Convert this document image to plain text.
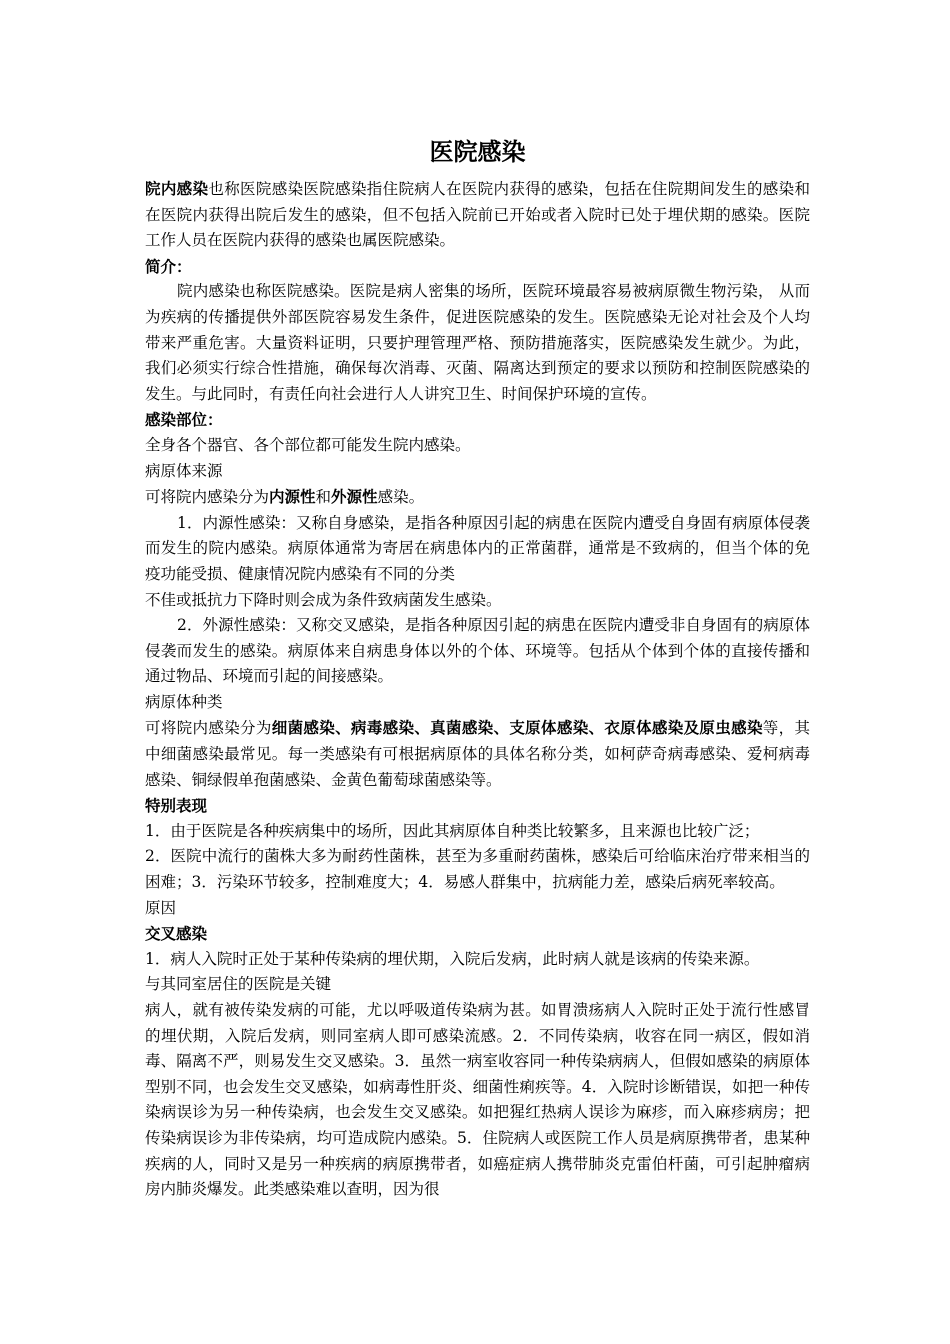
医院感染

院内感染也称医院感染医院感染指住院病人在医院内获得的感染，包括在住院期间发生的感染和在医院内获得出院后发生的感染，但不包括入院前已开始或者入院时已处于埋伏期的感染。医院工作人员在医院内获得的感染也属医院感染。

简介：

院内感染也称医院感染。医院是病人密集的场所，医院环境最容易被病原微生物污染， 从而为疾病的传播提供外部医院容易发生条件，促进医院感染的发生。医院感染无论对社会及个人均带来严重危害。大量资料证明，只要护理管理严格、预防措施落实，医院感染发生就少。为此，我们必须实行综合性措施，确保每次消毒、灭菌、隔离达到预定的要求以预防和控制医院感染的发生。与此同时，有责任向社会进行人人讲究卫生、时间保护环境的宣传。

感染部位：

全身各个器官、各个部位都可能发生院内感染。

病原体来源

可将院内感染分为内源性和外源性感染。

1．内源性感染：又称自身感染，是指各种原因引起的病患在医院内遭受自身固有病原体侵袭而发生的院内感染。病原体通常为寄居在病患体内的正常菌群，通常是不致病的，但当个体的免疫功能受损、健康情况院内感染有不同的分类

不佳或抵抗力下降时则会成为条件致病菌发生感染。

2．外源性感染：又称交叉感染，是指各种原因引起的病患在医院内遭受非自身固有的病原体侵袭而发生的感染。病原体来自病患身体以外的个体、环境等。包括从个体到个体的直接传播和通过物品、环境而引起的间接感染。

病原体种类

可将院内感染分为细菌感染、病毒感染、真菌感染、支原体感染、衣原体感染及原虫感染等，其中细菌感染最常见。每一类感染有可根据病原体的具体名称分类，如柯萨奇病毒感染、爱柯病毒感染、铜绿假单孢菌感染、金黄色葡萄球菌感染等。

特别表现

1．由于医院是各种疾病集中的场所，因此其病原体自种类比较繁多，且来源也比较广泛；

2．医院中流行的菌株大多为耐药性菌株，甚至为多重耐药菌株，感染后可给临床治疗带来相当的困难；3．污染环节较多，控制难度大；4．易感人群集中，抗病能力差，感染后病死率较高。

原因

交叉感染

1．病人入院时正处于某种传染病的埋伏期，入院后发病，此时病人就是该病的传染来源。

与其同室居住的医院是关键

病人，就有被传染发病的可能，尤以呼吸道传染病为甚。如胃溃疡病人入院时正处于流行性感冒的埋伏期，入院后发病，则同室病人即可感染流感。2．不同传染病，收容在同一病区，假如消毒、隔离不严，则易发生交叉感染。3．虽然一病室收容同一种传染病病人，但假如感染的病原体型别不同，也会发生交叉感染，如病毒性肝炎、细菌性痢疾等。4．入院时诊断错误，如把一种传染病误诊为另一种传染病，也会发生交叉感染。如把猩红热病人误诊为麻疹，而入麻疹病房；把传染病误诊为非传染病，均可造成院内感染。5．住院病人或医院工作人员是病原携带者，患某种疾病的人，同时又是另一种疾病的病原携带者，如癌症病人携带肺炎克雷伯杆菌，可引起肿瘤病房内肺炎爆发。此类感染难以查明，因为很
